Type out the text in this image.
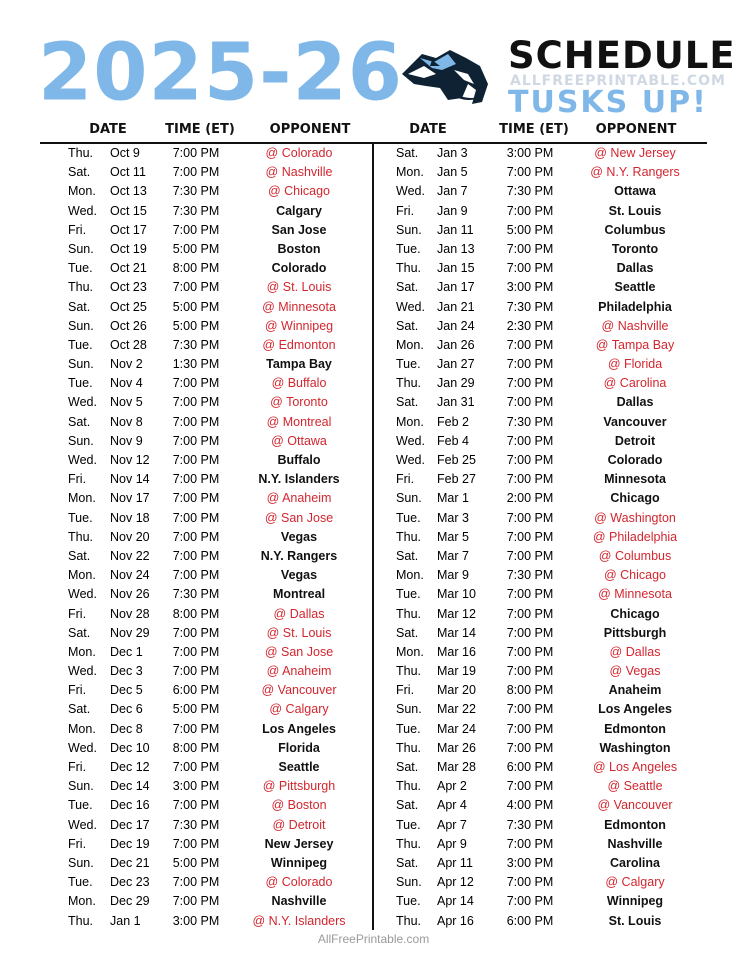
2025-26	SCHEDULE
ALLFREEPRINTABLE.COM
TUSKS UP!
DATE	TIME (ET)	OPPONENT	DATE	TIME (ET)	OPPONENT
Thu. Oct 9	7:00 PM	@ Colorado
Sat. Oct 11	7:00 PM	@ Nashville
Mon. Oct 13	7:30 PM	@ Chicago
Wed. Oct 15	7:30 PM	Calgary
Fri. Oct 17	7:00 PM	San Jose
Sun. Oct 19	5:00 PM	Boston
Tue. Oct 21	8:00 PM	Colorado
Thu. Oct 23	7:00 PM	@ St. Louis
Sat. Oct 25	5:00 PM	@ Minnesota
Sun. Oct 26	5:00 PM	@ Winnipeg
Tue. Oct 28	7:30 PM	@ Edmonton
Sun. Nov 2	1:30 PM	Tampa Bay
Tue. Nov 4	7:00 PM	@ Buffalo
Wed. Nov 5	7:00 PM	@ Toronto
Sat. Nov 8	7:00 PM	@ Montreal
Sun. Nov 9	7:00 PM	@ Ottawa
Wed. Nov 12	7:00 PM	Buffalo
Fri. Nov 14	7:00 PM	N.Y. Islanders
Mon. Nov 17	7:00 PM	@ Anaheim
Tue. Nov 18	7:00 PM	@ San Jose
Thu. Nov 20	7:00 PM	Vegas
Sat. Nov 22	7:00 PM	N.Y. Rangers
Mon. Nov 24	7:00 PM	Vegas
Wed. Nov 26	7:30 PM	Montreal
Fri. Nov 28	8:00 PM	@ Dallas
Sat. Nov 29	7:00 PM	@ St. Louis
Mon. Dec 1	7:00 PM	@ San Jose
Wed. Dec 3	7:00 PM	@ Anaheim
Fri. Dec 5	6:00 PM	@ Vancouver
Sat. Dec 6	5:00 PM	@ Calgary
Mon. Dec 8	7:00 PM	Los Angeles
Wed. Dec 10	8:00 PM	Florida
Fri. Dec 12	7:00 PM	Seattle
Sun. Dec 14	3:00 PM	@ Pittsburgh
Tue. Dec 16	7:00 PM	@ Boston
Wed. Dec 17	7:30 PM	@ Detroit
Fri. Dec 19	7:00 PM	New Jersey
Sun. Dec 21	5:00 PM	Winnipeg
Tue. Dec 23	7:00 PM	@ Colorado
Mon. Dec 29	7:00 PM	Nashville
Thu. Jan 1	3:00 PM	@ N.Y. Islanders
Sat. Jan 3	3:00 PM	@ New Jersey
Mon. Jan 5	7:00 PM	@ N.Y. Rangers
Wed. Jan 7	7:30 PM	Ottawa
Fri. Jan 9	7:00 PM	St. Louis
Sun. Jan 11	5:00 PM	Columbus
Tue. Jan 13	7:00 PM	Toronto
Thu. Jan 15	7:00 PM	Dallas
Sat. Jan 17	3:00 PM	Seattle
Wed. Jan 21	7:30 PM	Philadelphia
Sat. Jan 24	2:30 PM	@ Nashville
Mon. Jan 26	7:00 PM	@ Tampa Bay
Tue. Jan 27	7:00 PM	@ Florida
Thu. Jan 29	7:00 PM	@ Carolina
Sat. Jan 31	7:00 PM	Dallas
Mon. Feb 2	7:30 PM	Vancouver
Wed. Feb 4	7:00 PM	Detroit
Wed. Feb 25	7:00 PM	Colorado
Fri. Feb 27	7:00 PM	Minnesota
Sun. Mar 1	2:00 PM	Chicago
Tue. Mar 3	7:00 PM	@ Washington
Thu. Mar 5	7:00 PM	@ Philadelphia
Sat. Mar 7	7:00 PM	@ Columbus
Mon. Mar 9	7:30 PM	@ Chicago
Tue. Mar 10	7:00 PM	@ Minnesota
Thu. Mar 12	7:00 PM	Chicago
Sat. Mar 14	7:00 PM	Pittsburgh
Mon. Mar 16	7:00 PM	@ Dallas
Thu. Mar 19	7:00 PM	@ Vegas
Fri. Mar 20	8:00 PM	Anaheim
Sun. Mar 22	7:00 PM	Los Angeles
Tue. Mar 24	7:00 PM	Edmonton
Thu. Mar 26	7:00 PM	Washington
Sat. Mar 28	6:00 PM	@ Los Angeles
Thu. Apr 2	7:00 PM	@ Seattle
Sat. Apr 4	4:00 PM	@ Vancouver
Tue. Apr 7	7:30 PM	Edmonton
Thu. Apr 9	7:00 PM	Nashville
Sat. Apr 11	3:00 PM	Carolina
Sun. Apr 12	7:00 PM	@ Calgary
Tue. Apr 14	7:00 PM	Winnipeg
Thu. Apr 16	6:00 PM	St. Louis
AllFreePrintable.com
